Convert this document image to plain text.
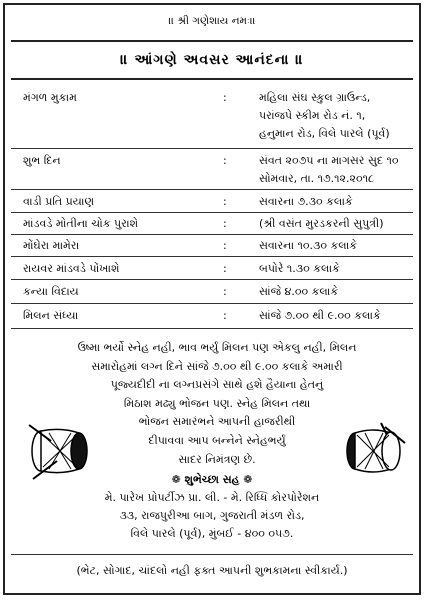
।। શ્રી ગણેશાય નમઃ।।
॥ આંગણે અવસર આનંદના ॥
મંગળ મુકામ	:	મહિલા સંઘ સ્કુલ ગ્રાઉન્ડ,
પરાંજપે સ્કીમ રોડ નં. ૧,
હનુમાન રોડ, વિલે પારલે (પૂર્વ)
શુભ દિન	:	સંવત ૨૦૭૫ ના માગસર સુદ ૧૦
સોમવાર, તા. ૧૭.૧૨.૨૦૧૮
વાડી પ્રતિ પ્રયાણ	:	સવારના ૭.૩૦ કલાકે
માંડવડે મોતીના ચોક પુરાશે	:	(શ્રી વસંત મુરડકરની સુપુત્રી)
મોંઘેરા મામેરા	:	સવારના ૧૦.૩૦ કલાકે
રાયવર માંડવડે પોંખાશે	:	બપોરે ૧.૩૦ કલાકે
કન્યા વિદાય	:	સાંજે ૪.૦૦ કલાકે
મિલન સંધ્યા	:	સાંજે ૭.૦૦ થી ૯.૦૦ કલાકે
ઉષ્મા ભર્યો સ્નેહ નહી, ભાવ ભર્યું મિલન પણ એકલુ નહી, મિલન
સમારોહમાં લગ્ન દિને સાંજે ૭.૦૦ થી ૯.૦૦ કલાકે અમારી
પૂજ્યદીદી ના લગ્નપ્રસંગે સાથે હશે હૈયાના હેતનું
મિઠાશ મઢ્યુ ભોજન પણ. સ્નેહ મિલન તથા
ભોજન સમારંભને આપની હાજરીથી
દીપાવવા આપ બન્નેને સ્નેહભર્યું
સાદર નિમંત્રણ છે.
❁ શુભેચ્છા સહ ❁
મે. પારેખ પ્રોપર્ટીઝ પ્રા. લી. - મે. રિધ્ધિ કોરપોરેશન
૩૩, રાજપુરીઆ બાગ, ગુજરાતી મંડળ રોડ,
વિલે પારલે (પૂર્વ), મુંબઈ - ૪૦૦ ૦૫૭.
(ભેટ, સોગાદ, ચાંદલો નહી ફક્ત આપની શુભકામના સ્વીકાર્ય.)
